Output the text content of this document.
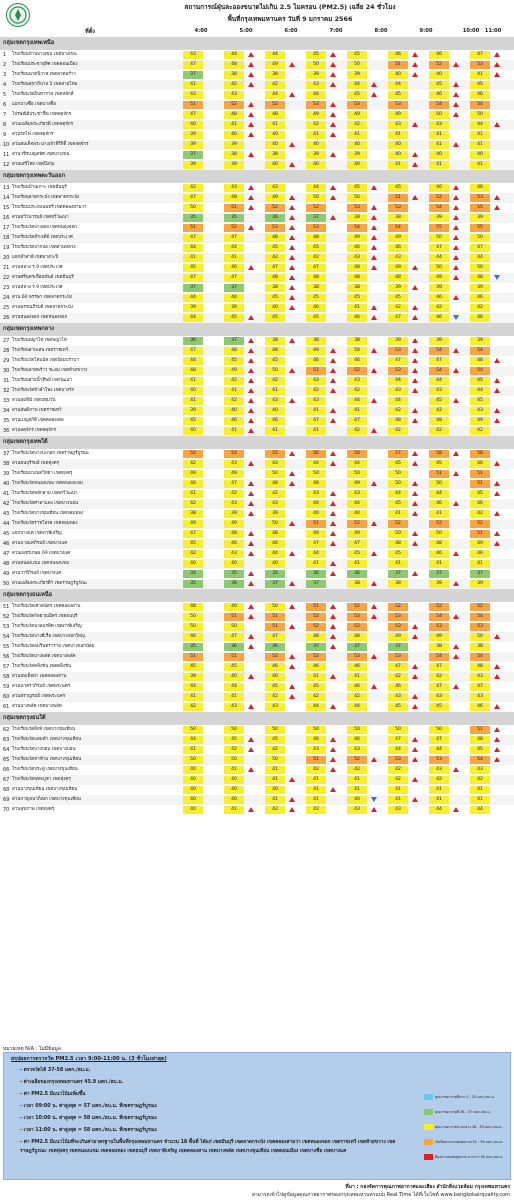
สถานการณ์ฝุ่นละอองขนาดไม่เกิน 2.5 ไมครอน (PM2.5) เฉลี่ย 24 ชั่วโมง
พื้นที่กรุงเทพมหานคร วันที่ 9 มกราคม 2566
ที่ตั้ง	4:00	5:00	6:00	7:00	8:00	9:00	10:00	11:00
กลุ่มเขตกรุงเทพเหนือ
1	โรงเรียนบ้านบางเขน เขตบางเขน	43	44	44	45	45	46	46	47
2	โรงเรียนประชาอุทิศ เขตดอนเมือง	47	48	49	50	50	51	52	53
3	โรงเรียนนาคนิวาส เขตลาดพร้าว	37	38	38	39	39	40	40	41
4	โรงเรียนสุขาภิบาล 5 เขตสายไหม	41	42	42	43	44	44	45	45
5	โรงเรียนวัดอินทาราม เขตหลักสี่	43	43	44	44	45	45	46	46
6	แยกบางซื่อ เขตบางซื่อ	51	52	52	53	53	53	54	54
7	ไปรษณีย์ประชาชื่น เขตจตุจักร	47	48	48	49	49	49	50	50
8	สวนเฉลิมพระเกียรติ เขตจตุจักร	40	41	41	42	42	43	43	44
9	สวนรถไฟ เขตจตุจักร	39	40	40	41	41	41	41	41
10 สวนสมเด็จพระนางเจ้าสิริกิติ์ เขตจตุจักร	39	39	40	40	40	40	41	41
11 สวนวชิรเบญจทัศ เขตบางเขน	37	38	38	39	39	40	40	40
12 สวนเสรีไทย เขตบึงกุ่ม	39	39	40	40	40	41	41	41
กลุ่มเขตกรุงเทพตะวันออก
13 โรงเรียนบ้านเกาะ เขตมีนบุรี	42	43	43	44	45	45	46	46
14 โรงเรียนลาดกระบัง เขตลาดกระบัง	47	48	49	50	50	51	52	53
15 โรงเรียนประถมนนทรี เขตคลองสามวา	50	51	52	52	53	53	54	55
16 สวนทวีวนารมย์ เขตทวีวัฒนา	35	35	36	37	38	38	39	39
17 โรงเรียนวัดบางเตย เขตหนองจอก	51	52	53	53	54	54	55	55
18 โรงเรียนวัดลำเจดีย์ เขตประเวศ	47	47	48	48	49	49	50	50
19 โรงเรียนวัดปากบ่อ เขตสวนหลวง	44	44	45	45	46	46	47	47
20 แยกลำสาลี เขตบางกะปิ	41	41	42	42	43	43	44	44
21 สวนหลวง ร.9 เขตประเวศ	45	46	47	47	48	49	50	50
22 สวนศรีนครเขื่อนขันธ์ เขตมีนบุรี	47	47	48	48	48	48	49	48
23 สวนหลวง ร.9 เขตประเวศ	37	37	38	38	38	39	39	39
24 สวน 60 พรรษา เขตลาดกระบัง	44	44	45	45	45	45	46	46
25 สวนพรรณภิรมย์ เขตลาดกระบัง	39	39	40	40	41	42	42	42
26 สวนหนองจอก เขตหนองจอก	44	45	45	45	46	47	46	46
กลุ่มเขตกรุงเทพกลาง
27 โรงเรียนพญาไท เขตพญาไท	36	37	38	38	38	39	39	39
28 โรงเรียนสามเสน เขตราชเทวี	47	48	48	49	50	53	54	54
29 โรงเรียนวัดโสมนัส เขตป้อมปราบฯ	44	45	45	46	46	47	47	48
30 โรงเรียนลาดพร้าว ชะอม เขตห้วยขวาง	48	49	50	51	52	53	54	54
31 โรงเรียนสายน้ำทิพย์ เขตวัฒนา	41	42	42	43	43	44	44	45
32 โรงเรียนวัดหัวลำโพง เขตบางรัก	40	41	41	42	42	43	43	44
33 สวนลุมพินี เขตปทุมวัน	41	42	43	43	44	44	45	45
34 สวนสันติภาพ เขตราชเทวี	39	40	40	41	41	42	42	43
35 สวนเบญจกิติ เขตคลองเตย	45	46	46	47	47	48	48	49
36 สวนจตุจักร เขตจตุจักร	40	41	41	41	42	42	42	42
กลุ่มเขตกรุงเทพใต้
37 โรงเรียนวัดบางปะกอก เขตราษฎร์บูรณะ	54	54	55	56	56	57	58	58
38 สวนธนบุรีรมย์ เขตทุ่งครุ	42	43	43	44	44	45	45	46
39 โรงเรียนบางมดวิทยา เขตทุ่งครุ	49	49	50	50	50	50	51	51
40 โรงเรียนวัดหนองแขม เขตหนองแขม	46	47	48	48	49	50	50	51
41 โรงเรียนวัดหลักสาม เขตทวีวัฒนา	41	42	42	43	43	44	44	45
42 โรงเรียนวัดศาลาแดง เขตบางบอน	42	43	43	44	44	45	46	46
43 โรงเรียนวัดบางขุนเทียน เขตจอมทอง	38	39	39	40	40	41	41	42
44 โรงเรียนวัดราชโอรส เขตจอมทอง	49	49	50	51	52	52	52	52
45 แยกบางแค เขตภาษีเจริญ	47	48	48	49	49	50	50	51
46 สวนบางแคภิรมย์ เขตบางแค	45	46	46	47	47	48	48	49
47 สวนเพชรเกษม 69 เขตบางแค	42	43	44	44	45	45	46	46
48 สวนหนองแขม เขตหนองแขม	40	40	40	41	41	41	41	41
49 สวนวารีภิรมย์ เขตบางแค	34	35	35	36	36	37	37	37
50 สวนเฉลิมพระเกียรติฯ เขตราษฎร์บูรณะ	35	36	37	37	38	38	39	39
กลุ่มเขตกรุงธนเหนือ
51 โรงเรียนวัดเศวตฉัตร เขตคลองสาน	48	49	50	51	52	52	52	52
52 โรงเรียนวัดกัลยาณมิตร เขตธนบุรี	50	51	51	52	53	53	54	54
53 โรงเรียนวัดนวลนรดิศ เขตภาษีเจริญ	50	50	51	52	52	53	53	53
54 โรงเรียนวัดบางยี่เรือ เขตบางกอกใหญ่	46	47	47	48	48	49	49	50
55 โรงเรียนวัดอมรินทราราม เขตบางกอกน้อย	35	36	36	37	37	37	38	38
56 โรงเรียนวัดบางพลัด เขตบางพลัด	51	51	52	52	53	53	54	54
57 โรงเรียนวัดตลิ่งชัน เขตตลิ่งชัน	45	45	46	46	46	47	47	48
58 สวนสมเด็จย่า เขตคลองสาน	39	40	40	41	41	42	42	43
59 สวนนาคราภิรมย์ เขตพระนคร	44	44	45	45	46	46	47	47
60 สวนสราญรมย์ เขตพระนคร	41	41	42	42	42	43	43	43
61 สวนบางพลัด เขตบางพลัด	42	43	43	44	44	45	45	46
กลุ่มเขตกรุงธนใต้
62 โรงเรียนวัดสิงห์ เขตบางขุนเทียน	50	50	50	50	50	50	50	51
63 โรงเรียนวัดแสมดำ เขตบางขุนเทียน	44	45	45	46	46	47	47	48
64 โรงเรียนวัดบางบอน เขตบางบอน	41	42	42	43	43	44	44	45
65 โรงเรียนวัดท่าข้าม เขตบางขุนเทียน	50	50	50	51	52	53	53	54
66 โรงเรียนวัดประดู่ เขตบางขุนเทียน	40	41	41	42	42	42	43	43
67 โรงเรียนวัดพุทธบูชา เขตทุ่งครุ	40	40	41	41	41	42	42	42
68 สวนบางขุนเทียน เขตบางขุนเทียน	40	40	40	41	41	41	41	41
69 สวนกาญจนาภิเษก เขตบางขุนเทียน	40	40	41	41	40	41	41	41
70 สวนสุขภาพ เขตทุ่งครุ	40	41	42	42	43	43	44	44
หมายเหตุ N/A : ไม่มีข้อมูล
สรุปผลการตรวจวัด PM2.5 เวลา 9:00-11:00 น. (3 ชั่วโมงล่าสุด)
- ตรวจวัดได้ 37-58 มคก./ลบ.ม.
- ค่าเฉลี่ยของกรุงเทพมหานคร 45.9 มคก./ลบ.ม.
- ค่า PM2.5 มีแนวโน้มเพิ่มขึ้น
- เวลา 09:00 น. ค่าสูงสุด = 57 มคก./ลบ.ม. ที่เขตราษฎร์บูรณะ
- เวลา 10:00 น. ค่าสูงสุด = 58 มคก./ลบ.ม. ที่เขตราษฎร์บูรณะ
- เวลา 11:00 น. ค่าสูงสุด = 58 มคก./ลบ.ม. ที่เขตราษฎร์บูรณะ
- ค่า PM2.5 มีแนวโน้มที่จะเกินค่ามาตรฐานในพื้นที่กรุงเทพมหานคร จำนวน 18 พื้นที่ ได้แก่ เขตมีนบุรี เขตลาดกระบัง เขตคลองสามวา เขตหนองจอก เขตราชเทวี เขตห้วยขวาง เขตราษฎร์บูรณะ เขตทุ่งครุ เขตหนองแขม เขตจอมทอง เขตธนบุรี เขตภาษีเจริญ เขตคลองสาน เขตบางพลัด เขตบางขุนเทียน เขตดอนเมือง เขตบางซื่อ เขตบางแค
คุณภาพอากาศดีมาก 0 - 25 มคก./ลบ.ม.
คุณภาพอากาศดี 26 - 37 มคก./ลบ.ม.
คุณภาพอากาศปานกลาง 38 - 50 มคก./ลบ.ม.
เริ่มมีผลกระทบต่อสุขภาพ 51 - 90 มคก./ลบ.ม.
มีผลกระทบต่อสุขภาพ มากกว่า 90 มคก./ลบ.ม.
ที่มา : กองจัดการคุณภาพอากาศและเสียง สำนักสิ่งแวดล้อม กรุงเทพมหานคร
สามารถเข้าไปดูข้อมูลคุณภาพอากาศของกรุงเทพมหานครแบบ Real Time ได้ที่เว็บไซต์ www.bangkokairquality.com
